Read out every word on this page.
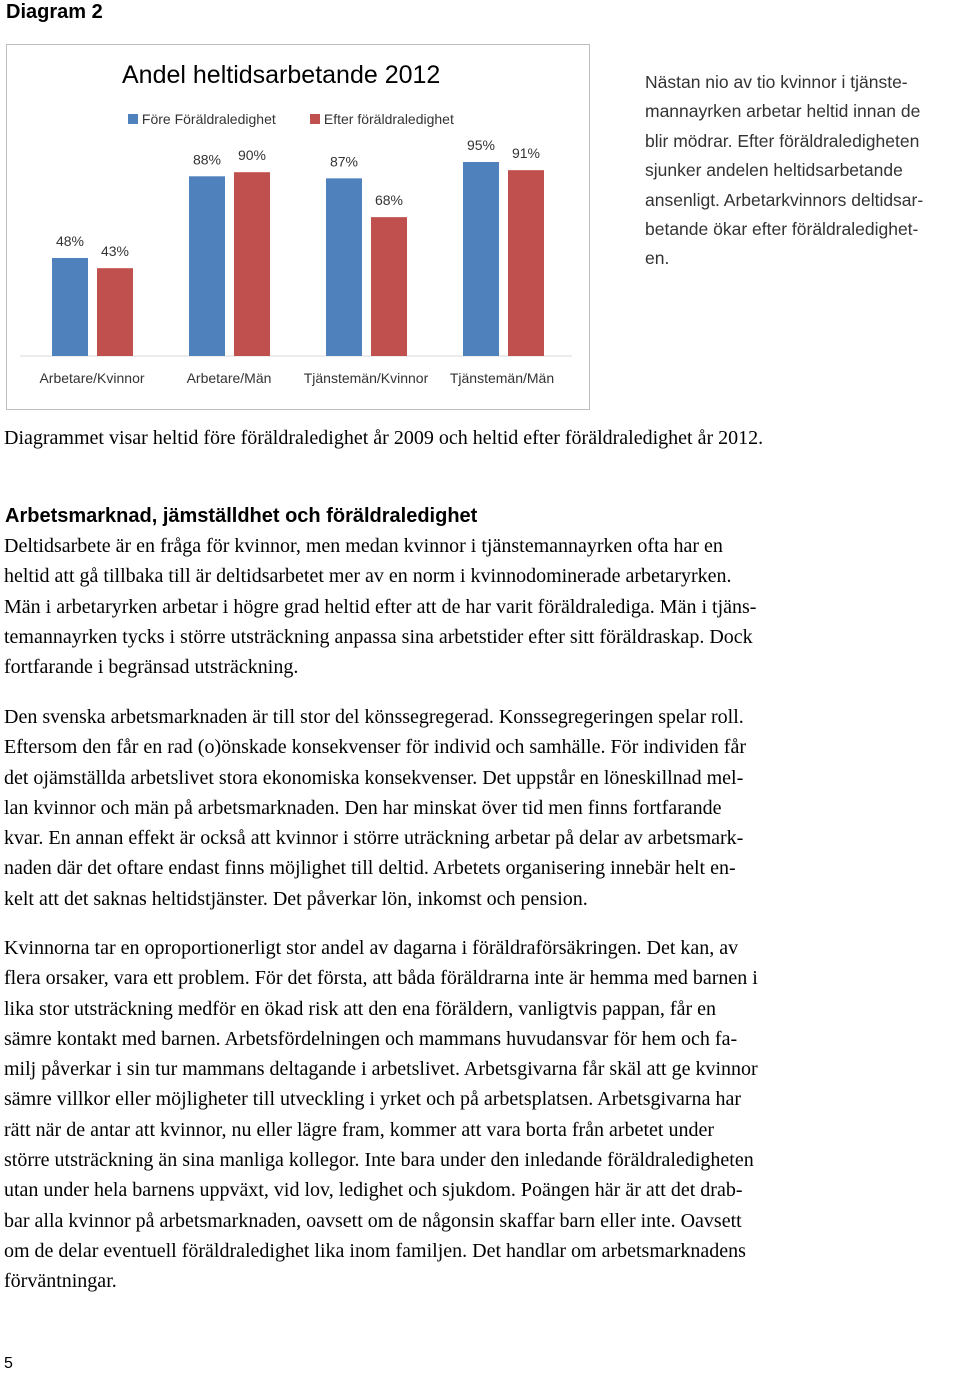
Diagram 2
Andel heltidsarbetande 2012
Före Föräldraledighet	Efter föräldraledighet
48%
43%
Arbetare/Kvinnor
88% 90%
Arbetare/Män
87%
68%
Tjänstemän/Kvinnor
95%
91%
Tjänstemän/Män
Nästan nio av tio kvinnor i tjänste-
mannayrken arbetar heltid innan de
blir mödrar. Efter föräldraledigheten
sjunker andelen heltidsarbetande
ansenligt. Arbetarkvinnors deltidsar-
betande ökar efter föräldraledighet-
en.
Diagrammet visar heltid före föräldraledighet år 2009 och heltid efter föräldraledighet år 2012.
Arbetsmarknad, jämställdhet och föräldraledighet
Deltidsarbete är en fråga för kvinnor, men medan kvinnor i tjänstemannayrken ofta har en
heltid att gå tillbaka till är deltidsarbetet mer av en norm i kvinnodominerade arbetaryrken.
Män i arbetaryrken arbetar i högre grad heltid efter att de har varit föräldralediga. Män i tjäns-
temannayrken tycks i större utsträckning anpassa sina arbetstider efter sitt föräldraskap. Dock
fortfarande i begränsad utsträckning.
Den svenska arbetsmarknaden är till stor del könssegregerad. Konssegregeringen spelar roll.
Eftersom den får en rad (o)önskade konsekvenser för individ och samhälle. För individen får
det ojämställda arbetslivet stora ekonomiska konsekvenser. Det uppstår en löneskillnad mel-
lan kvinnor och män på arbetsmarknaden. Den har minskat över tid men finns fortfarande
kvar. En annan effekt är också att kvinnor i större uträckning arbetar på delar av arbetsmark-
naden där det oftare endast finns möjlighet till deltid. Arbetets organisering innebär helt en-
kelt att det saknas heltidstjänster. Det påverkar lön, inkomst och pension.
Kvinnorna tar en oproportionerligt stor andel av dagarna i föräldraförsäkringen. Det kan, av
flera orsaker, vara ett problem. För det första, att båda föräldrarna inte är hemma med barnen i
lika stor utsträckning medför en ökad risk att den ena föräldern, vanligtvis pappan, får en
sämre kontakt med barnen. Arbetsfördelningen och mammans huvudansvar för hem och fa-
milj påverkar i sin tur mammans deltagande i arbetslivet. Arbetsgivarna får skäl att ge kvinnor
sämre villkor eller möjligheter till utveckling i yrket och på arbetsplatsen. Arbetsgivarna har
rätt när de antar att kvinnor, nu eller lägre fram, kommer att vara borta från arbetet under
större utsträckning än sina manliga kollegor. Inte bara under den inledande föräldraledigheten
utan under hela barnens uppväxt, vid lov, ledighet och sjukdom. Poängen här är att det drab-
bar alla kvinnor på arbetsmarknaden, oavsett om de någonsin skaffar barn eller inte. Oavsett
om de delar eventuell föräldraledighet lika inom familjen. Det handlar om arbetsmarknadens
förväntningar.
5
